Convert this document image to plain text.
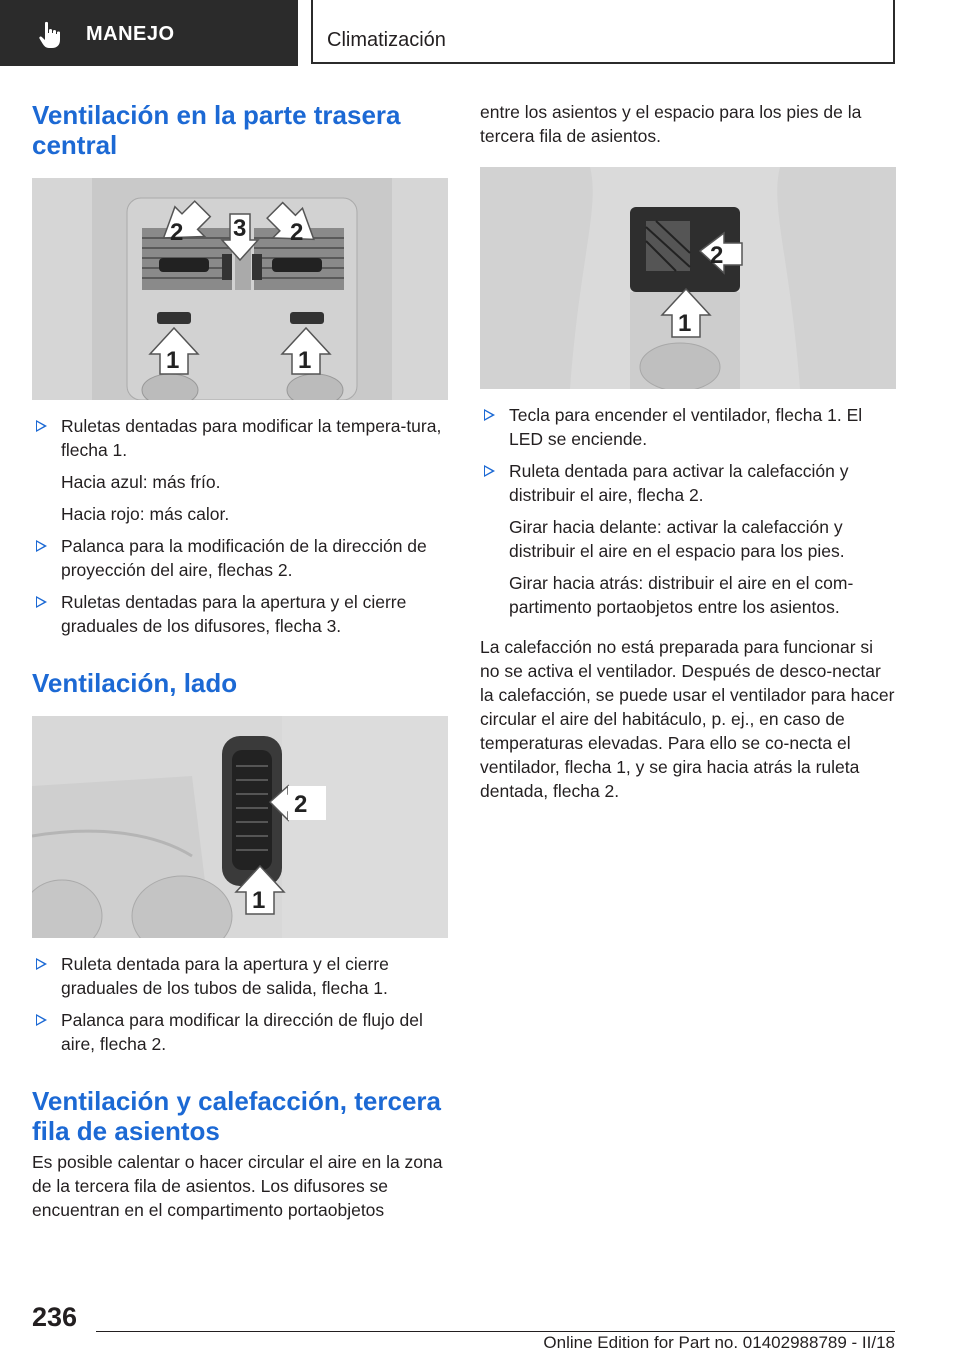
MANEJO	Climatización
Ventilación en la parte trasera central
2 3 2
1	1
Ruletas dentadas para modificar la tempera-tura, flecha 1.
Hacia azul: más frío.
Hacia rojo: más calor.
Palanca para la modificación de la dirección de proyección del aire, flechas 2.
Ruletas dentadas para la apertura y el cierre graduales de los difusores, flecha 3.
Ventilación, lado
2
1
Ruleta dentada para la apertura y el cierre graduales de los tubos de salida, flecha 1.
Palanca para modificar la dirección de flujo del aire, flecha 2.
Ventilación y calefacción, tercera fila de asientos

Es posible calentar o hacer circular el aire en la zona de la tercera fila de asientos. Los difusores se encuentran en el compartimento portaobjetos

entre los asientos y el espacio para los pies de la tercera fila de asientos.

2
1
Tecla para encender el ventilador, flecha 1. El LED se enciende.
Ruleta dentada para activar la calefacción y distribuir el aire, flecha 2.
Girar hacia delante: activar la calefacción y distribuir el aire en el espacio para los pies.
Girar hacia atrás: distribuir el aire en el com-partimento portaobjetos entre los asientos.

La calefacción no está preparada para funcionar si no se activa el ventilador. Después de desco-nectar la calefacción, se puede usar el ventilador para hacer circular el aire del habitáculo, p. ej., en caso de temperaturas elevadas. Para ello se co-necta el ventilador, flecha 1, y se gira hacia atrás la ruleta dentada, flecha 2.

236
Online Edition for Part no. 01402988789 - II/18
